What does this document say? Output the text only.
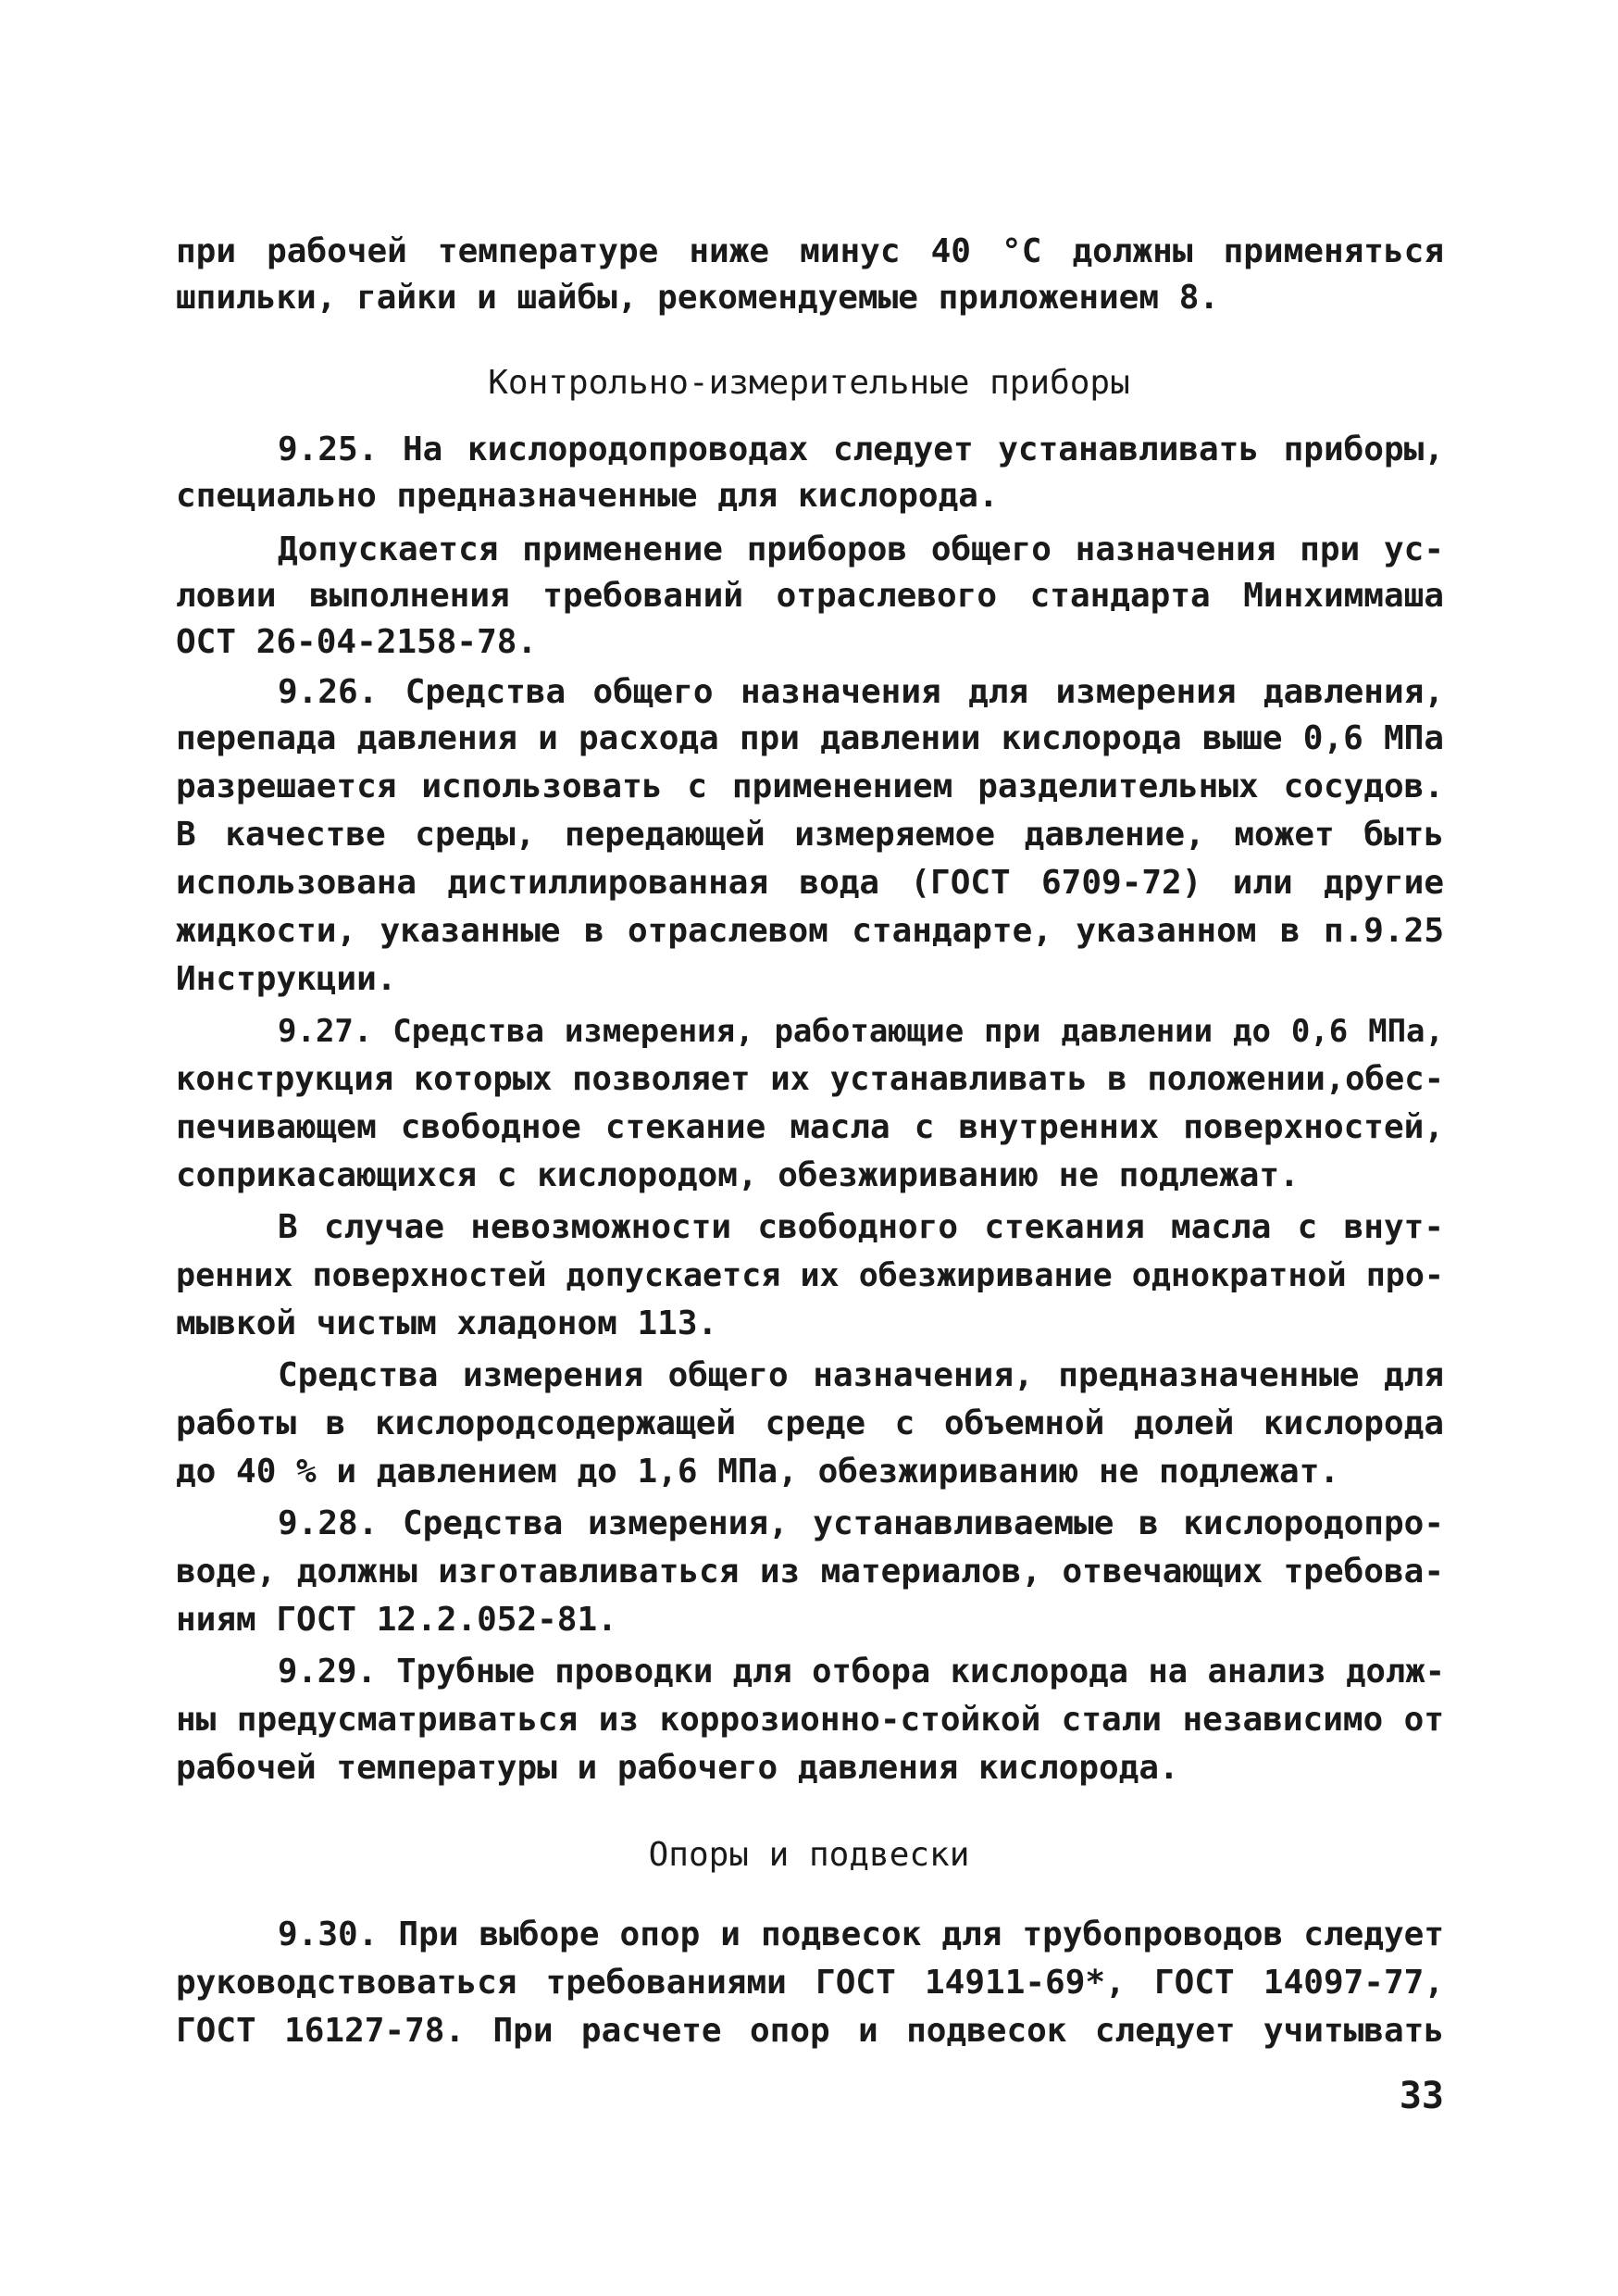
при рабочей температуре ниже минус 40 °С должны применяться
шпильки, гайки и шайбы, рекомендуемые приложением 8.
Контрольно-измерительные приборы
9.25. На кислородопроводах следует устанавливать приборы,
специально предназначенные для кислорода.
Допускается применение приборов общего назначения при ус-
ловии выполнения требований отраслевого стандарта Минхиммаша
ОСТ 26-04-2158-78.
9.26. Средства общего назначения для измерения давления,
перепада давления и расхода при давлении кислорода выше 0,6 МПа
разрешается использовать с применением разделительных сосудов.
В качестве среды, передающей измеряемое давление, может быть
использована дистиллированная вода (ГОСТ 6709-72) или другие
жидкости, указанные в отраслевом стандарте, указанном в п.9.25
Инструкции.
9.27. Средства измерения, работающие при давлении до 0,6 МПа,
конструкция которых позволяет их устанавливать в положении,обес-
печивающем свободное стекание масла с внутренних поверхностей,
соприкасающихся с кислородом, обезжириванию не подлежат.
В случае невозможности свободного стекания масла с внут-
ренних поверхностей допускается их обезжиривание однократной про-
мывкой чистым хладоном 113.
Средства измерения общего назначения, предназначенные для
работы в кислородсодержащей среде с объемной долей кислорода
до 40 % и давлением до 1,6 МПа, обезжириванию не подлежат.
9.28. Средства измерения, устанавливаемые в кислородопро-
воде, должны изготавливаться из материалов, отвечающих требова-
ниям ГОСТ 12.2.052-81.
9.29. Трубные проводки для отбора кислорода на анализ долж-
ны предусматриваться из коррозионно-стойкой стали независимо от
рабочей температуры и рабочего давления кислорода.
Опоры и подвески
9.30. При выборе опор и подвесок для трубопроводов следует
руководствоваться требованиями ГОСТ 14911-69*, ГОСТ 14097-77,
ГОСТ 16127-78. При расчете опор и подвесок следует учитывать
33
